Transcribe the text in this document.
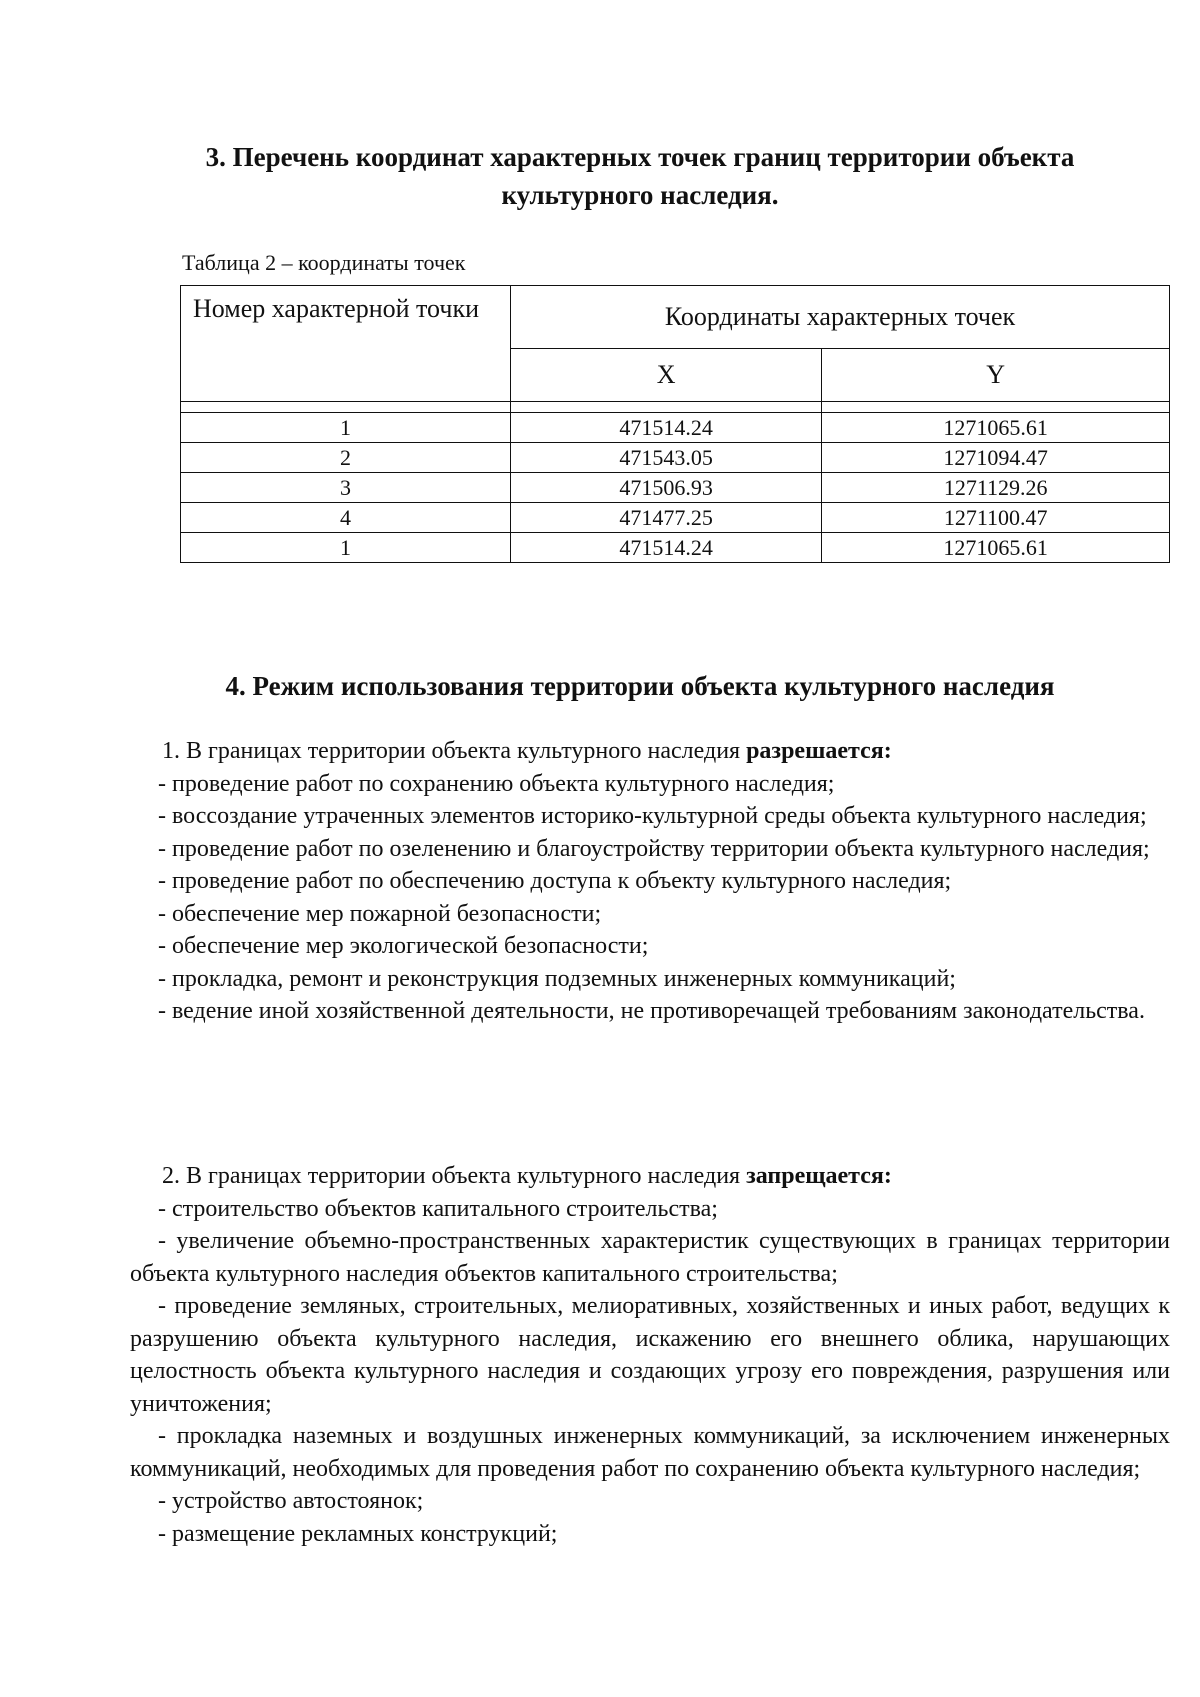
3. Перечень координат характерных точек границ территории объекта культурного наследия.
Таблица 2 – координаты точек
Номер характерной точки	Координаты характерных точек	
	X	Y

1	471514.24	1271065.61
2	471543.05	1271094.47
3	471506.93	1271129.26
4	471477.25	1271100.47
1	471514.24	1271065.61
4. Режим использования территории объекта культурного наследия

1. В границах территории объекта культурного наследия разрешается:

- проведение работ по сохранению объекта культурного наследия;

- воссоздание утраченных элементов историко-культурной среды объекта культурного наследия;

- проведение работ по озеленению и благоустройству территории объекта культурного наследия;

- проведение работ по обеспечению доступа к объекту культурного наследия;

- обеспечение мер пожарной безопасности;

- обеспечение мер экологической безопасности;

- прокладка, ремонт и реконструкция подземных инженерных коммуникаций;

- ведение иной хозяйственной деятельности, не противоречащей требованиям законодательства.

2. В границах территории объекта культурного наследия запрещается:

- строительство объектов капитального строительства;

- увеличение объемно-пространственных характеристик существующих в границах территории объекта культурного наследия объектов капитального строительства;

- проведение земляных, строительных, мелиоративных, хозяйственных и иных работ, ведущих к разрушению объекта культурного наследия, искажению его внешнего облика, нарушающих целостность объекта культурного наследия и создающих угрозу его повреждения, разрушения или уничтожения;

- прокладка наземных и воздушных инженерных коммуникаций, за исключением инженерных коммуникаций, необходимых для проведения работ по сохранению объекта культурного наследия;

- устройство автостоянок;

- размещение рекламных конструкций;
